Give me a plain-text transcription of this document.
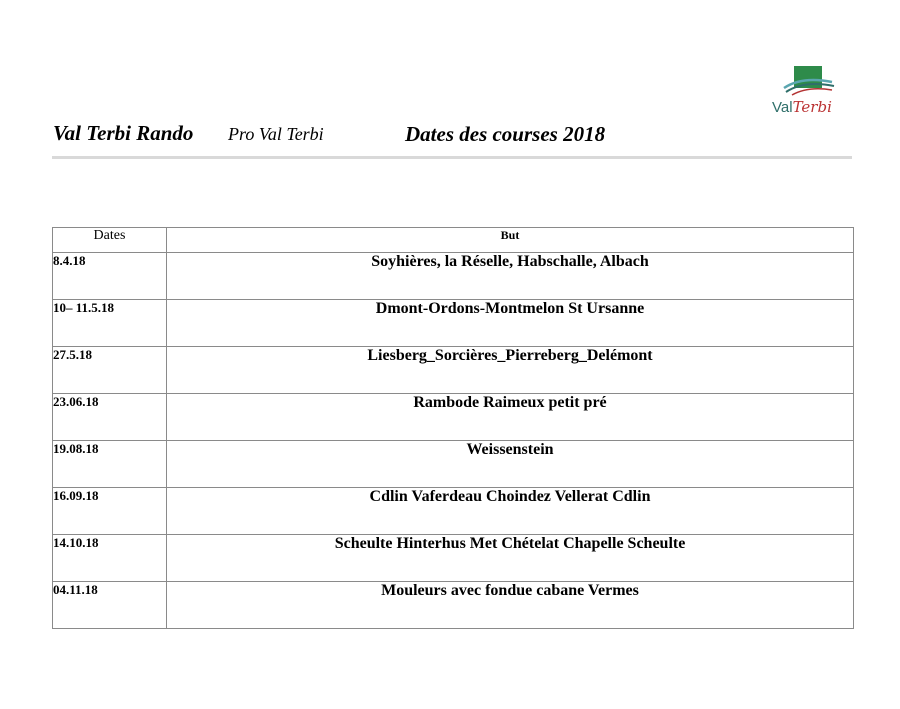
ValTerbi
Val Terbi Rando Pro Val Terbi	Dates des courses 2018
Dates	But
8.4.18	Soyhières, la Réselle, Habschalle, Albach
10– 11.5.18	Dmont-Ordons-Montmelon St Ursanne
27.5.18	Liesberg_Sorcières_Pierreberg_Delémont
23.06.18	Rambode Raimeux petit pré
19.08.18	Weissenstein
16.09.18	Cdlin Vaferdeau Choindez Vellerat Cdlin
14.10.18	Scheulte Hinterhus Met Chételat Chapelle Scheulte
04.11.18	Mouleurs avec fondue cabane Vermes
